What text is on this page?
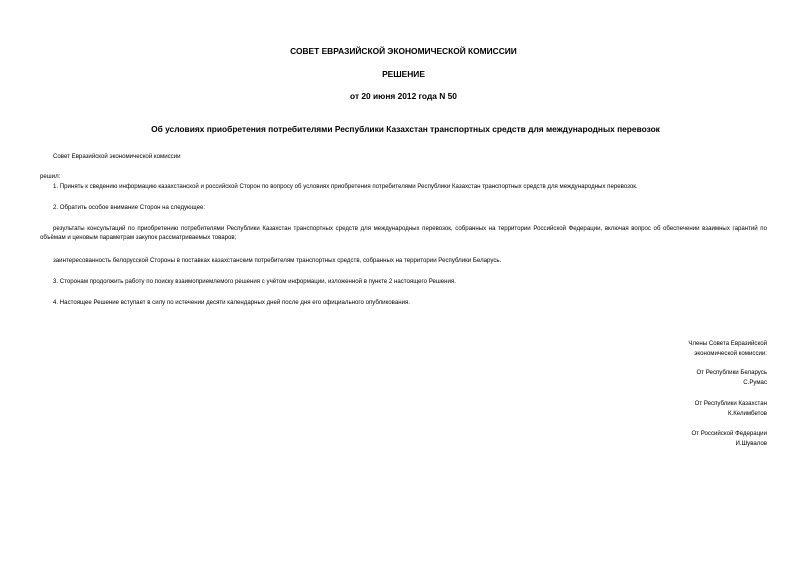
СОВЕТ ЕВРАЗИЙСКОЙ ЭКОНОМИЧЕСКОЙ КОМИССИИ
РЕШЕНИЕ
от 20 июня 2012 года N 50
Об условиях приобретения потребителями Республики Казахстан транспортных средств для международных перевозок
Совет Евразийской экономической комиссии
решил:
1. Принять к сведению информацию казахстанской и российской Сторон по вопросу об условиях приобретения потребителями Республики Казахстан транспортных средств для международных перевозок.
2. Обратить особое внимание Сторон на следующее:
результаты консультаций по приобретению потребителями Республики Казахстан транспортных средств для международных перевозок, собранных на территории Российской Федерации, включая вопрос об обеспечении взаимных гарантий по объёмам и ценовым параметрам закупок рассматриваемых товаров;
заинтересованность белорусской Стороны в поставках казахстанским потребителям транспортных средств, собранных на территории Республики Беларусь.
3. Сторонам продолжить работу по поиску взаимоприемлемого решения с учётом информации, изложенной в пункте 2 настоящего Решения.
4. Настоящее Решение вступает в силу по истечении десяти календарных дней после дня его официального опубликования.
Члены Совета Евразийской
экономической комиссии:
От Республики Беларусь
С.Румас
От Республики Казахстан
К.Келимбетов
От Российской Федерации
И.Шувалов
